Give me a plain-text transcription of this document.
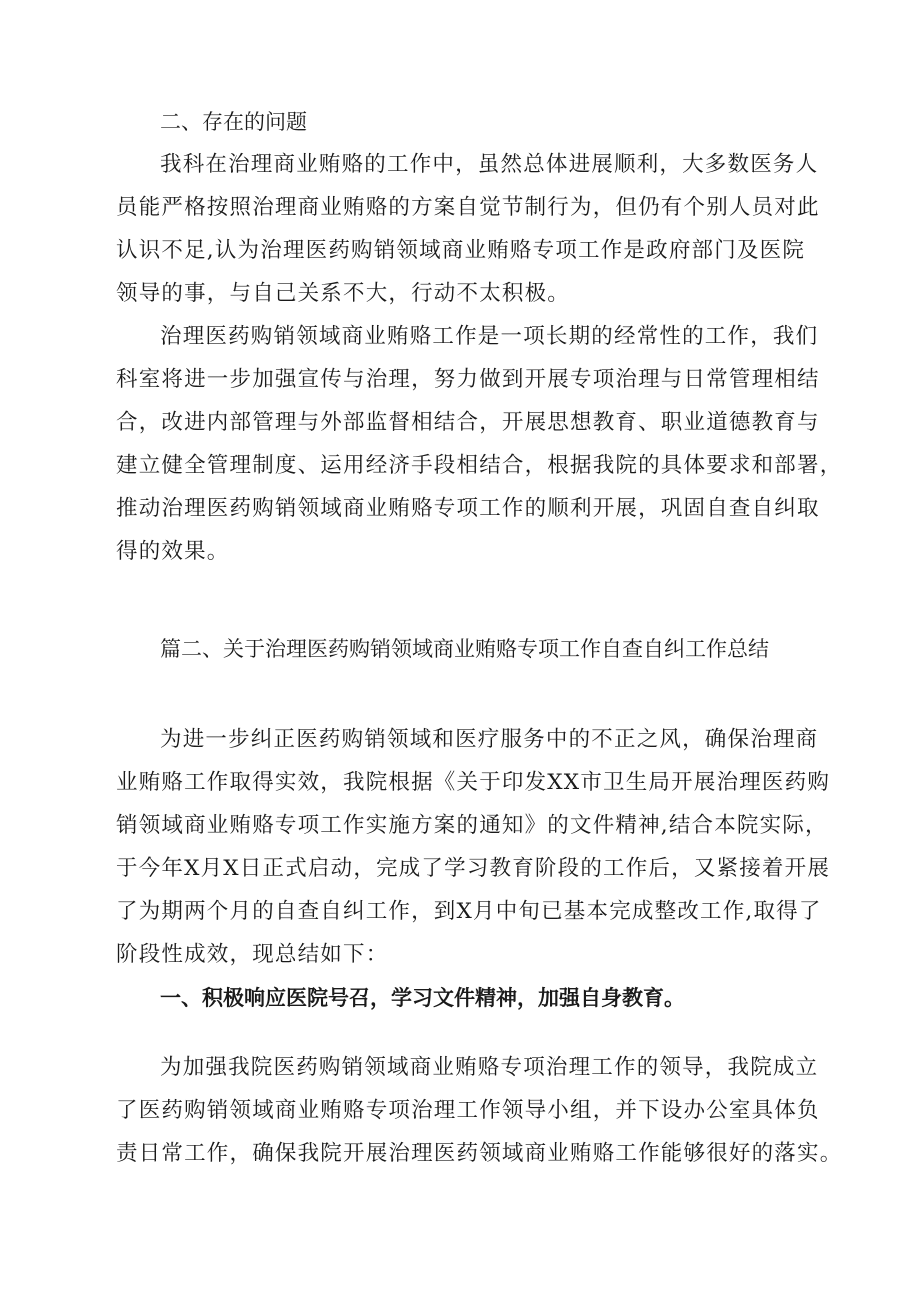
二、存在的问题
我科在治理商业贿赂的工作中，虽然总体进展顺利，大多数医务人
员能严格按照治理商业贿赂的方案自觉节制行为，但仍有个别人员对此
认识不足,认为治理医药购销领域商业贿赂专项工作是政府部门及医院
领导的事，与自己关系不大，行动不太积极。
治理医药购销领域商业贿赂工作是一项长期的经常性的工作，我们
科室将进一步加强宣传与治理，努力做到开展专项治理与日常管理相结
合，改进内部管理与外部监督相结合，开展思想教育、职业道德教育与
建立健全管理制度、运用经济手段相结合，根据我院的具体要求和部署，
推动治理医药购销领域商业贿赂专项工作的顺利开展，巩固自查自纠取
得的效果。
篇二、关于治理医药购销领域商业贿赂专项工作自查自纠工作总结
为进一步纠正医药购销领域和医疗服务中的不正之风，确保治理商
业贿赂工作取得实效，我院根据《关于印发XX市卫生局开展治理医药购
销领域商业贿赂专项工作实施方案的通知》的文件精神,结合本院实际，
于今年X月X日正式启动，完成了学习教育阶段的工作后，又紧接着开展
了为期两个月的自查自纠工作，到X月中旬已基本完成整改工作,取得了
阶段性成效，现总结如下：
一、积极响应医院号召，学习文件精神，加强自身教育。
为加强我院医药购销领域商业贿赂专项治理工作的领导，我院成立
了医药购销领域商业贿赂专项治理工作领导小组，并下设办公室具体负
责日常工作，确保我院开展治理医药领域商业贿赂工作能够很好的落实。
